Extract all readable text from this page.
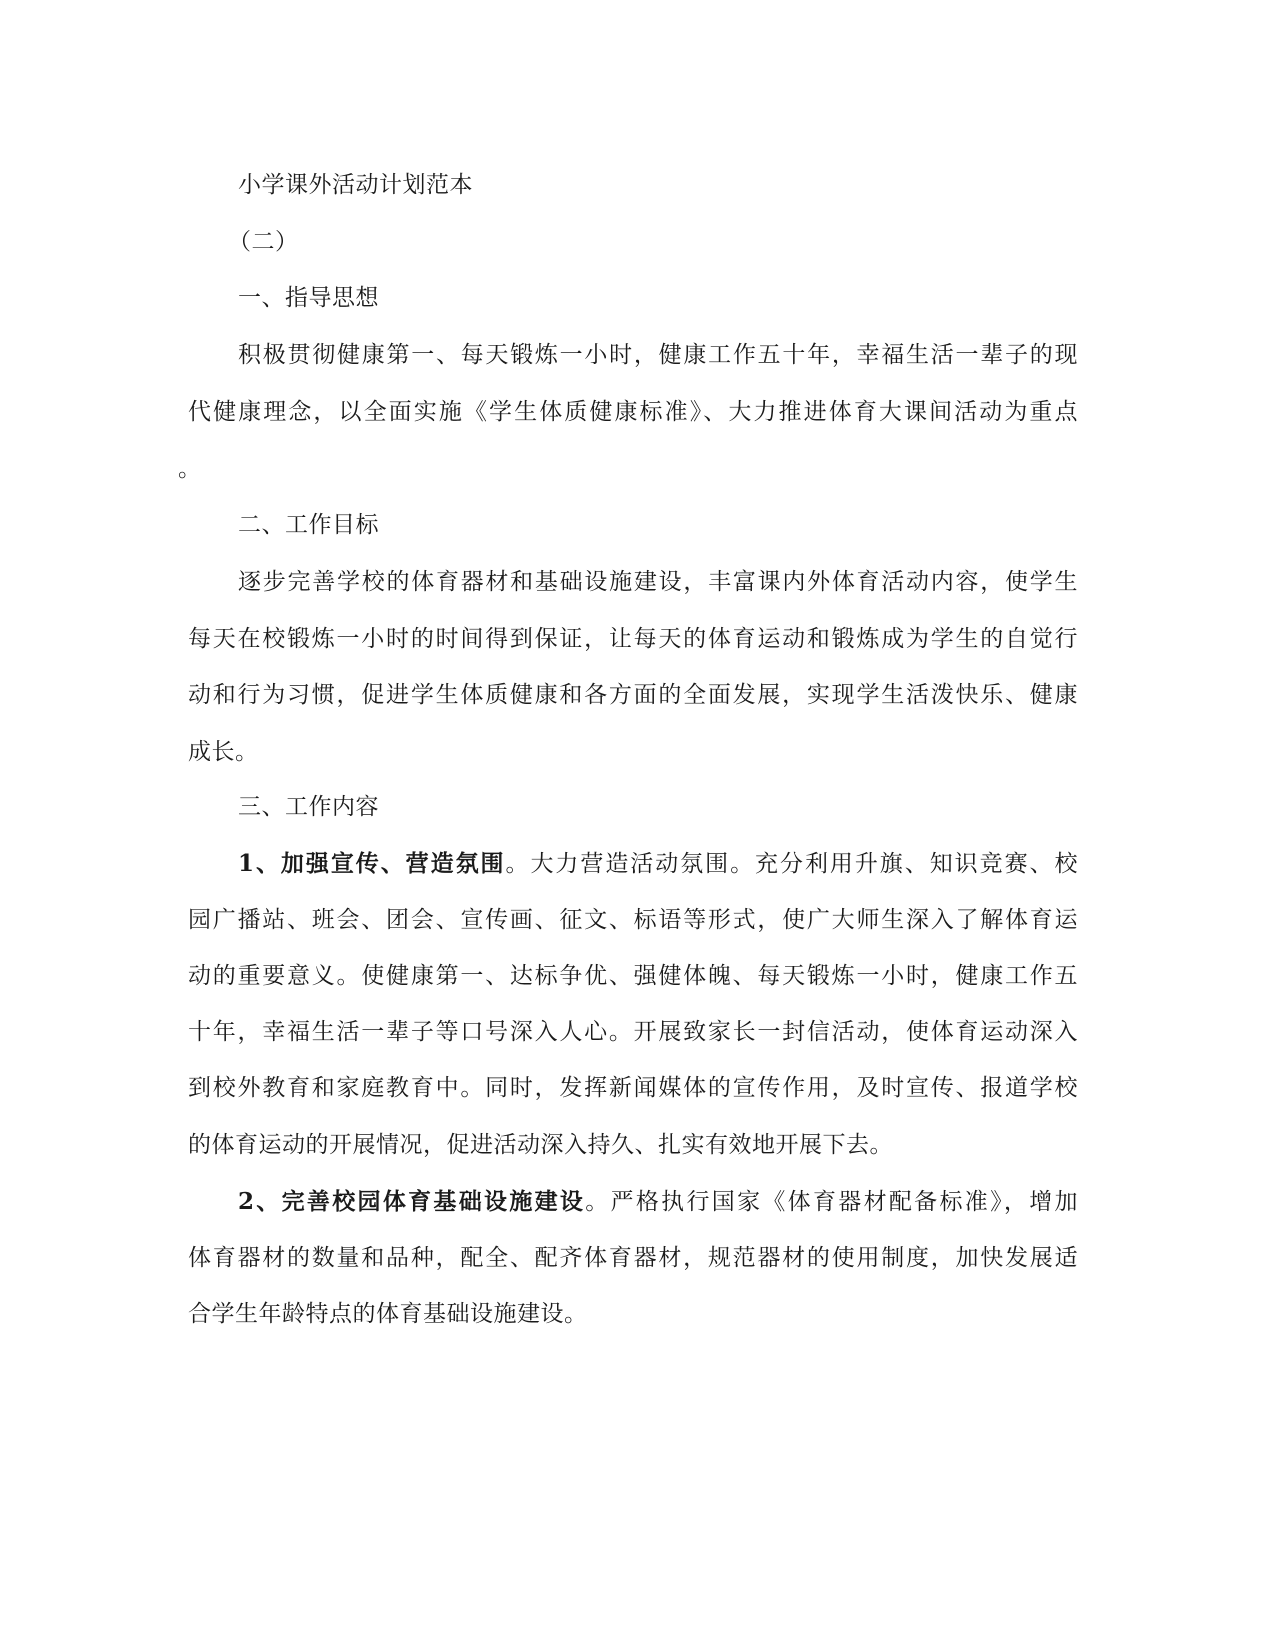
小学课外活动计划范本
（二）
一、指导思想
积极贯彻健康第一、每天锻炼一小时，健康工作五十年，幸福生活一辈子的现
代健康理念，以全面实施《学生体质健康标准》、大力推进体育大课间活动为重点
。
二、工作目标
逐步完善学校的体育器材和基础设施建设，丰富课内外体育活动内容，使学生
每天在校锻炼一小时的时间得到保证，让每天的体育运动和锻炼成为学生的自觉行
动和行为习惯，促进学生体质健康和各方面的全面发展，实现学生活泼快乐、健康
成长。
三、工作内容
1、加强宣传、营造氛围。大力营造活动氛围。充分利用升旗、知识竞赛、校
园广播站、班会、团会、宣传画、征文、标语等形式，使广大师生深入了解体育运
动的重要意义。使健康第一、达标争优、强健体魄、每天锻炼一小时，健康工作五
十年，幸福生活一辈子等口号深入人心。开展致家长一封信活动，使体育运动深入
到校外教育和家庭教育中。同时，发挥新闻媒体的宣传作用，及时宣传、报道学校
的体育运动的开展情况，促进活动深入持久、扎实有效地开展下去。
2、完善校园体育基础设施建设。严格执行国家《体育器材配备标准》，增加
体育器材的数量和品种，配全、配齐体育器材，规范器材的使用制度，加快发展适
合学生年龄特点的体育基础设施建设。
